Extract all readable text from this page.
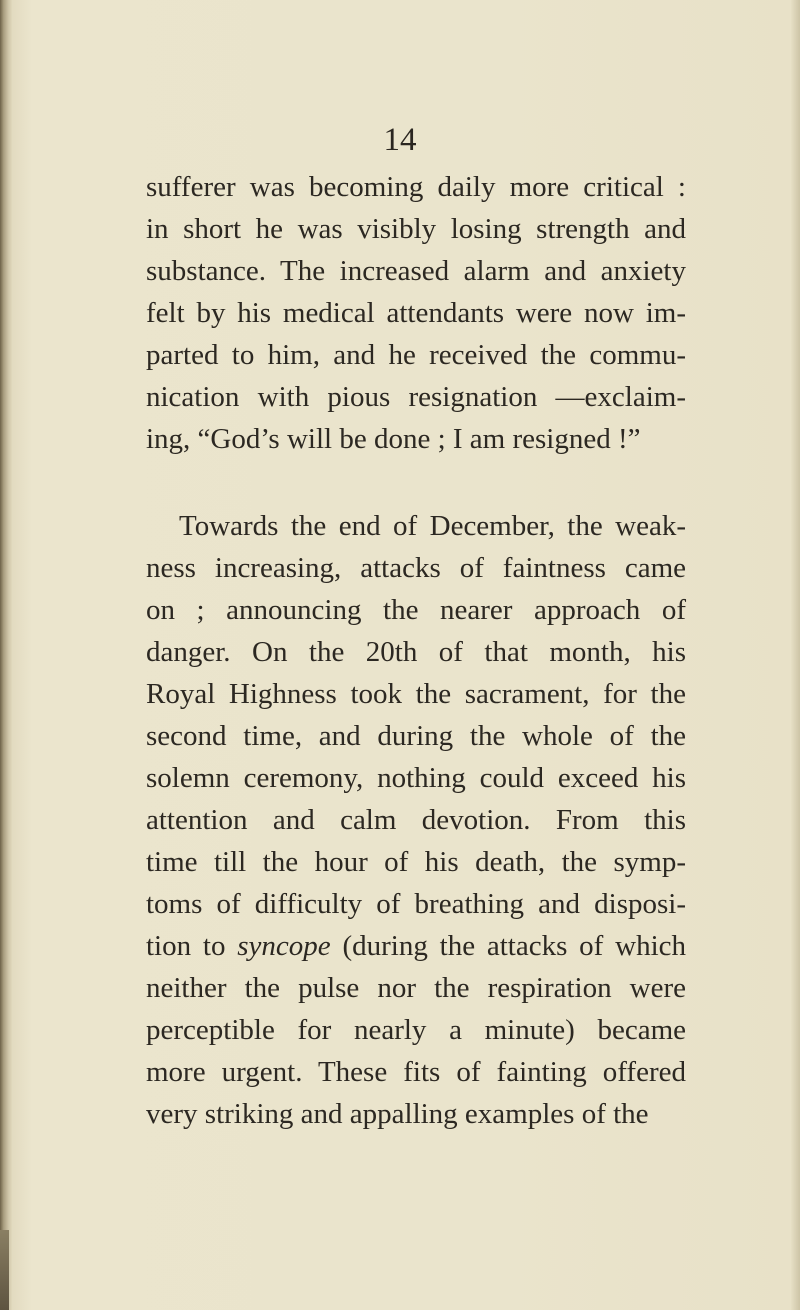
14
sufferer was becoming daily more critical :
in short he was visibly losing strength and
substance. The increased alarm and anxiety
felt by his medical attendants were now im-
parted to him, and he received the commu-
nication with pious resignation —exclaim-
ing, “God’s will be done ; I am resigned !”
Towards the end of December, the weak-
ness increasing, attacks of faintness came
on ; announcing the nearer approach of
danger. On the 20th of that month, his
Royal Highness took the sacrament, for the
second time, and during the whole of the
solemn ceremony, nothing could exceed his
attention and calm devotion. From this
time till the hour of his death, the symp-
toms of difficulty of breathing and disposi-
tion to syncope (during the attacks of which
neither the pulse nor the respiration were
perceptible for nearly a minute) became
more urgent. These fits of fainting offered
very striking and appalling examples of the
